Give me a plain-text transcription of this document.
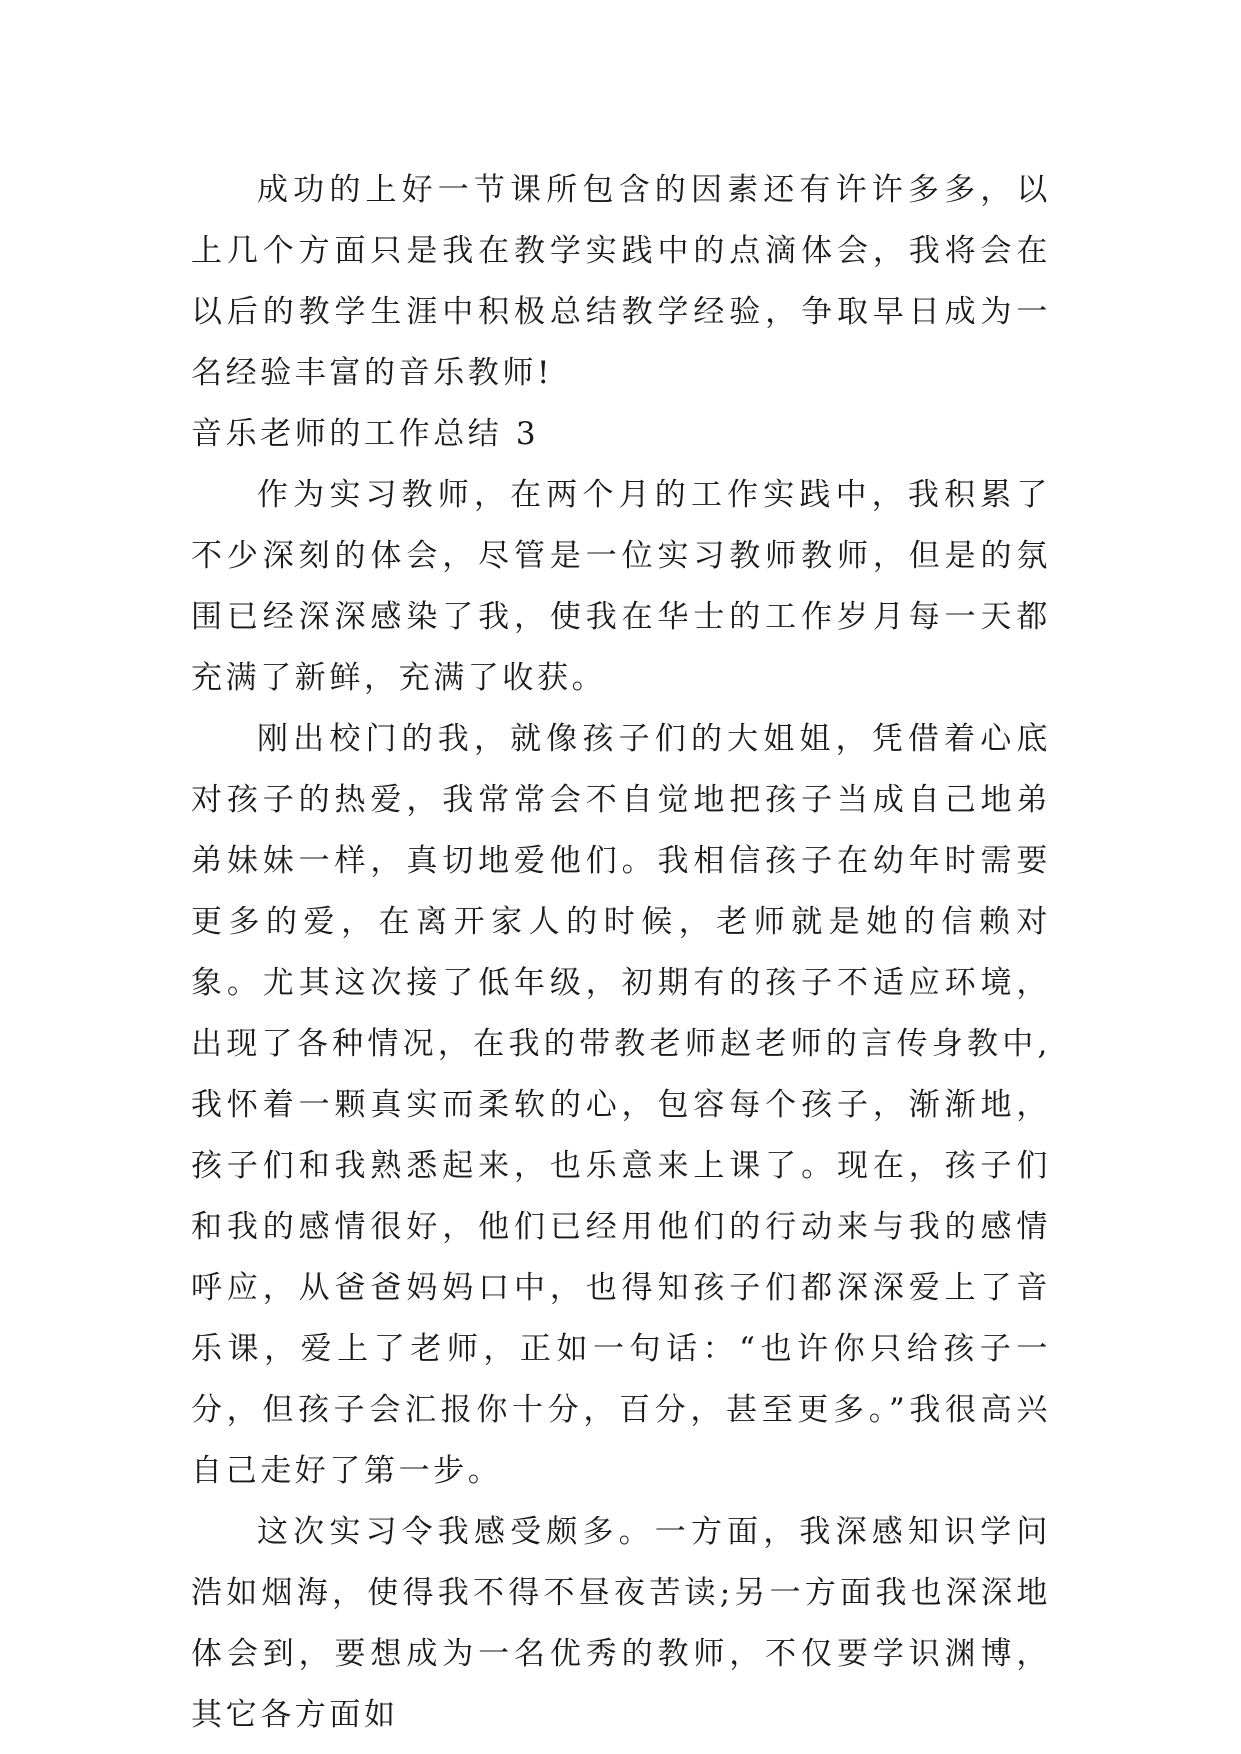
成功的上好一节课所包含的因素还有许许多多，以上几个方面只是我在教学实践中的点滴体会，我将会在以后的教学生涯中积极总结教学经验，争取早日成为一名经验丰富的音乐教师!

音乐老师的工作总结 3

作为实习教师，在两个月的工作实践中，我积累了不少深刻的体会，尽管是一位实习教师教师，但是的氛围已经深深感染了我，使我在华士的工作岁月每一天都充满了新鲜，充满了收获。

刚出校门的我，就像孩子们的大姐姐，凭借着心底对孩子的热爱，我常常会不自觉地把孩子当成自己地弟弟妹妹一样，真切地爱他们。我相信孩子在幼年时需要更多的爱，在离开家人的时候，老师就是她的信赖对象。尤其这次接了低年级，初期有的孩子不适应环境，出现了各种情况，在我的带教老师赵老师的言传身教中,我怀着一颗真实而柔软的心，包容每个孩子，渐渐地，孩子们和我熟悉起来，也乐意来上课了。现在，孩子们和我的感情很好，他们已经用他们的行动来与我的感情呼应，从爸爸妈妈口中，也得知孩子们都深深爱上了音乐课，爱上了老师，正如一句话：“也许你只给孩子一分，但孩子会汇报你十分，百分，甚至更多。”我很高兴自己走好了第一步。

这次实习令我感受颇多。一方面，我深感知识学问浩如烟海，使得我不得不昼夜苦读;另一方面我也深深地体会到，要想成为一名优秀的教师，不仅要学识渊博，其它各方面如
